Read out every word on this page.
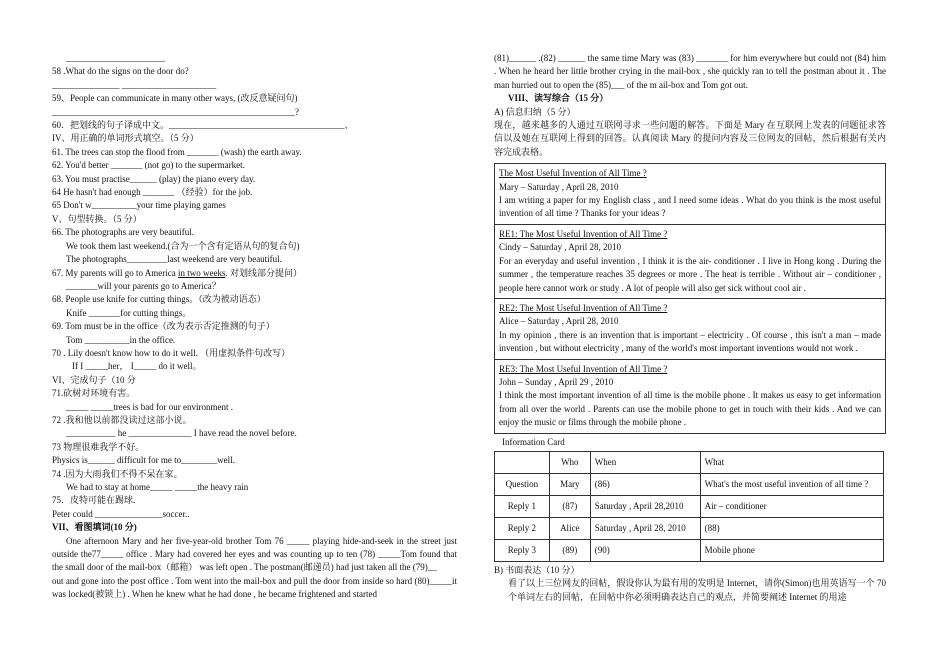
______________________
58 .What do the signs on the door do?
_______________ _____________________
59、People can communicate in many other ways, (改反意疑问句)
______________________________________________________?
60．把划线的句子译成中文。_______________________________________、
IV、用正确的单词形式填空。（5 分）
61. The trees can stop the flood from _______ (wash) the earth away.
62. You'd better _______ (not go) to the supermarket.
63. You must practise______ (play) the piano every day.
64 He hasn't had enough _______ （经验）for the job.
65 Don't w__________your time playing games
V、句型转换。（5 分）
66. The photographs are very beautiful.
We took them last weekend.(合为一个含有定语从句的复合句)
The photographs_________last weekend are very beautiful.
67. My parents will go to America in two weeks. 对划线部分提问）
_______will your parents go to America？
68. People use knife for cutting things。（改为被动语态）
Knife _______for cutting things。
69. Tom must be in the office（改为表示否定推测的句子）
Tom __________in the office.
70 . Lily doesn't know how to do it well. （用虚拟条件句改写）
If I _____her， I_____ do it well。
VI、完成句子（10 分
71.砍树对环境有害。
_____ _____trees is bad for our environment .
72 .我和他以前都没读过这部小说。
___________ he ______________ I have read the novel before.
73 物理很难我学不好。
Physics is______ difficult for me to________well.
74 .因为大雨我们不得不呆在家。
We had to stay at home_____ _____the heavy rain
75．皮特可能在踢球.
Peter could _______________soccer..
VII、看图填词(10 分)
One afternoon Mary and her five-year-old brother Tom 76 _____ playing hide-and-seek in the street just outside the77_____ office . Mary had covered her eyes and was counting up to ten (78) _____Tom found that the small door of the mail-box（邮箱） was left open . The postman(邮递员) had just taken all the (79)__
out and gone into the post office . Tom went into the mail-box and pull the door from inside so hard (80)_____it was locked(被锁上) . When he knew what he had done , he became frightened and started
(81)______ .(82) ______ the same time Mary was (83) _______ for him everywhere but could not (84) him . When he heard her little brother crying in the mail-box , she quickly ran to tell the postman about it . The man hurried out to open the (85)___ of the m ail-box and Tom got out.
VIII、读写综合（15 分）
A) 信息归纳（5 分）
现在，越来越多的人通过互联网寻求一些问题的解答。下面是 Mary 在互联网上发表的问题征求答信以及她在互联网上得到的回答。认真阅读 Mary 的提问内容及三位网友的回帖，然后根据有关内容完成表格。
The Most Useful Invention of All Time ?
Mary – Saturday , April 28, 2010
I am writing a paper for my English class , and I need some ideas . What do you think is the most useful invention of all time ? Thanks for your ideas ?
RE1: The Most Useful Invention of All Time ?
Cindy – Saturday , April 28, 2010
For an everyday and useful invention , I think it is the air- conditioner . I live in Hong kong . During the summer , the temperature reaches 35 degrees or more . The heat is terrible . Without air – conditioner , people here cannot work or study . A lot of people will also get sick without cool air .
RE2: The Most Useful Invention of All Time ?
Alice – Saturday , April 28, 2010
In my opinion , there is an invention that is important – electricity . Of course , this isn't a man – made invention , but without electricity , many of the world's most important inventions would not work .
RE3: The Most Useful Invention of All Time ?
John – Sunday , April 29 , 2010
I think the most important invention of all time is the mobile phone . It makes us easy to get information from all over the world . Parents can use the mobile phone to get in touch with their kids . And we can enjoy the music or films through the mobile phone .
Information Card
	Who	When	What
Question	Mary	(86)	What's the most useful invention of all time ?
Reply 1	(87)	Saturday , April 28,2010	Air – conditioner
Reply 2	Alice	Saturday , April 28, 2010	(88)
Reply 3	(89)	(90)	Mobile phone
B) 书面表达（10 分）
看了以上三位网友的回帖，假设你认为最有用的发明是 Internet，请你(Simon)也用英语写一个 70 个单词左右的回帖，在回帖中你必须明确表达自己的观点，并简要阐述 Internet 的用途
